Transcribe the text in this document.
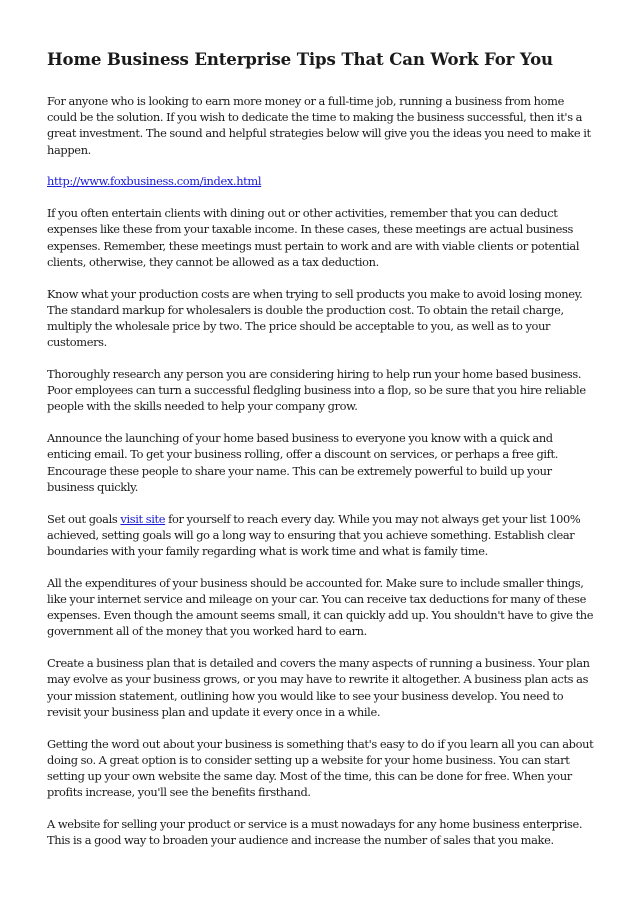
Home Business Enterprise Tips That Can Work For You

For anyone who is looking to earn more money or a full-time job, running a business from home could be the solution. If you wish to dedicate the time to making the business successful, then it's a great investment. The sound and helpful strategies below will give you the ideas you need to make it happen.

http://www.foxbusiness.com/index.html

If you often entertain clients with dining out or other activities, remember that you can deduct expenses like these from your taxable income. In these cases, these meetings are actual business expenses. Remember, these meetings must pertain to work and are with viable clients or potential clients, otherwise, they cannot be allowed as a tax deduction.

Know what your production costs are when trying to sell products you make to avoid losing money. The standard markup for wholesalers is double the production cost. To obtain the retail charge, multiply the wholesale price by two. The price should be acceptable to you, as well as to your customers.

Thoroughly research any person you are considering hiring to help run your home based business. Poor employees can turn a successful fledgling business into a flop, so be sure that you hire reliable people with the skills needed to help your company grow.

Announce the launching of your home based business to everyone you know with a quick and enticing email. To get your business rolling, offer a discount on services, or perhaps a free gift. Encourage these people to share your name. This can be extremely powerful to build up your business quickly.

Set out goals visit site for yourself to reach every day. While you may not always get your list 100% achieved, setting goals will go a long way to ensuring that you achieve something. Establish clear boundaries with your family regarding what is work time and what is family time.

All the expenditures of your business should be accounted for. Make sure to include smaller things, like your internet service and mileage on your car. You can receive tax deductions for many of these expenses. Even though the amount seems small, it can quickly add up. You shouldn't have to give the government all of the money that you worked hard to earn.

Create a business plan that is detailed and covers the many aspects of running a business. Your plan may evolve as your business grows, or you may have to rewrite it altogether. A business plan acts as your mission statement, outlining how you would like to see your business develop. You need to revisit your business plan and update it every once in a while.

Getting the word out about your business is something that's easy to do if you learn all you can about doing so. A great option is to consider setting up a website for your home business. You can start setting up your own website the same day. Most of the time, this can be done for free. When your profits increase, you'll see the benefits firsthand.

A website for selling your product or service is a must nowadays for any home business enterprise. This is a good way to broaden your audience and increase the number of sales that you make.
